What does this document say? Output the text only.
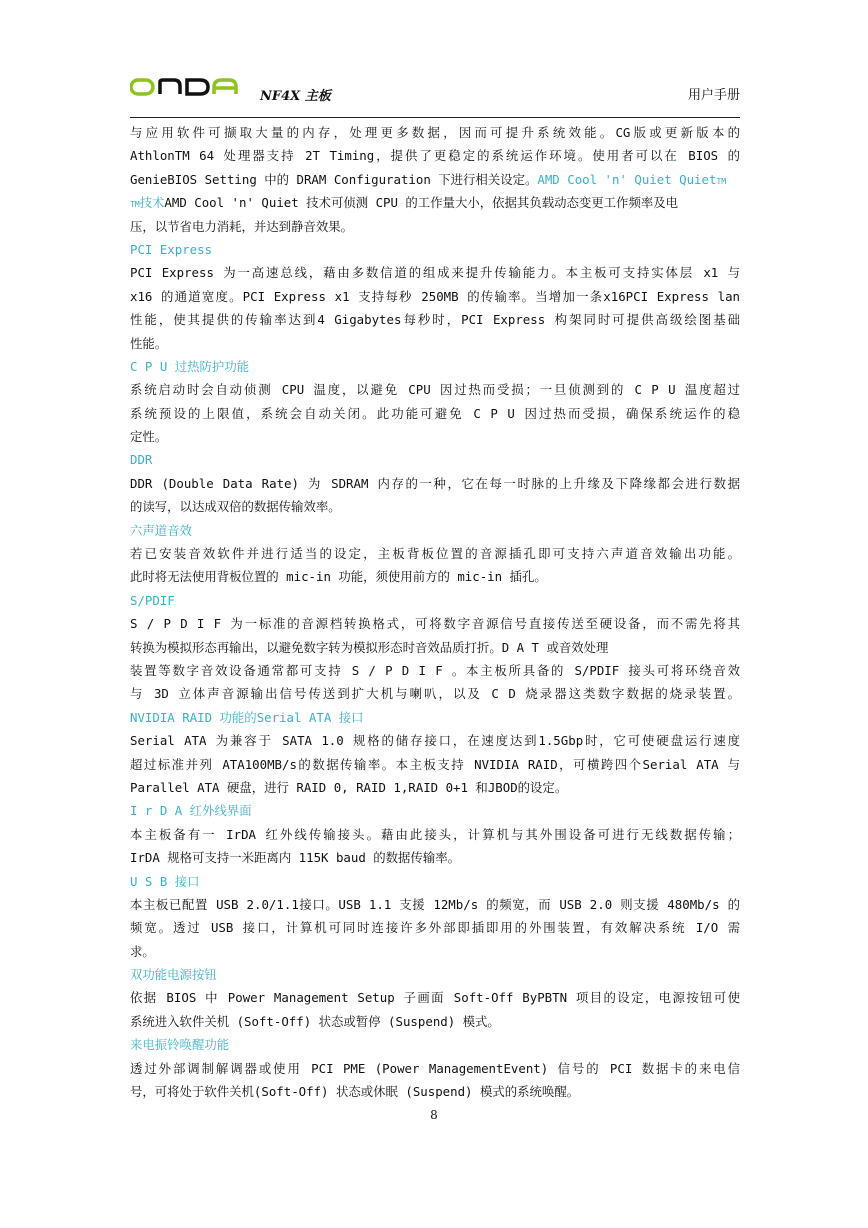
NF4X 主板	用户手册
与应用软件可撷取大量的内存，处理更多数据，因而可提升系统效能。CG版或更新版本的
AthlonTM 64 处理器支持 2T Timing，提供了更稳定的系统运作环境。使用者可以在 BIOS 的
GenieBIOS Setting 中的 DRAM Configuration 下进行相关设定。AMD Cool 'n' Quiet QuietTM
TM技术AMD Cool 'n' Quiet 技术可侦测 CPU 的工作量大小，依据其负载动态变更工作频率及电
压，以节省电力消耗，并达到静音效果。
PCI Express
PCI Express 为一高速总线，藉由多数信道的组成来提升传输能力。本主板可支持实体层 x1 与
x16 的通道宽度。PCI Express x1 支持每秒 250MB 的传输率。当增加一条x16PCI Express lan
性能，使其提供的传输率达到4 Gigabytes每秒时，PCI Express 构架同时可提供高级绘图基础
性能。
C P U 过热防护功能
系统启动时会自动侦测 CPU 温度，以避免 CPU 因过热而受损；一旦侦测到的 C P U 温度超过
系统预设的上限值，系统会自动关闭。此功能可避免 C P U 因过热而受损，确保系统运作的稳
定性。
DDR
DDR (Double Data Rate) 为 SDRAM 内存的一种，它在每一时脉的上升缘及下降缘都会进行数据
的读写，以达成双倍的数据传输效率。
六声道音效
若已安装音效软件并进行适当的设定，主板背板位置的音源插孔即可支持六声道音效输出功能。
此时将无法使用背板位置的 mic-in 功能，须使用前方的 mic-in 插孔。
S/PDIF
S / P D I F 为一标准的音源档转换格式，可将数字音源信号直接传送至硬设备，而不需先将其
转换为模拟形态再输出，以避免数字转为模拟形态时音效品质打折。D A T 或音效处理
装置等数字音效设备通常都可支持 S / P D I F 。本主板所具备的 S/PDIF 接头可将环绕音效
与 3D 立体声音源输出信号传送到扩大机与喇叭，以及 C D 烧录器这类数字数据的烧录装置。
NVIDIA RAID 功能的Serial ATA 接口
Serial ATA 为兼容于 SATA 1.0 规格的储存接口，在速度达到1.5Gbp时，它可使硬盘运行速度
超过标准并列 ATA100MB/s的数据传输率。本主板支持 NVIDIA RAID，可横跨四个Serial ATA 与
Parallel ATA 硬盘，进行 RAID 0, RAID 1,RAID 0+1 和JBOD的设定。
I r D A 红外线界面
本主板备有一 IrDA 红外线传输接头。藉由此接头，计算机与其外围设备可进行无线数据传输；
IrDA 规格可支持一米距离内 115K baud 的数据传输率。
U S B 接口
本主板已配置 USB 2.0/1.1接口。USB 1.1 支援 12Mb/s 的频宽，而 USB 2.0 则支援 480Mb/s 的
频宽。透过 USB 接口，计算机可同时连接许多外部即插即用的外围装置，有效解决系统 I/O 需
求。
双功能电源按钮
依据 BIOS 中 Power Management Setup 子画面 Soft-Off ByPBTN 项目的设定，电源按钮可使
系统进入软件关机 (Soft-Off) 状态或暂停 (Suspend) 模式。
来电振铃唤醒功能
透过外部调制解调器或使用 PCI PME (Power ManagementEvent) 信号的 PCI 数据卡的来电信
号，可将处于软件关机(Soft-Off) 状态或休眠 (Suspend) 模式的系统唤醒。
8
